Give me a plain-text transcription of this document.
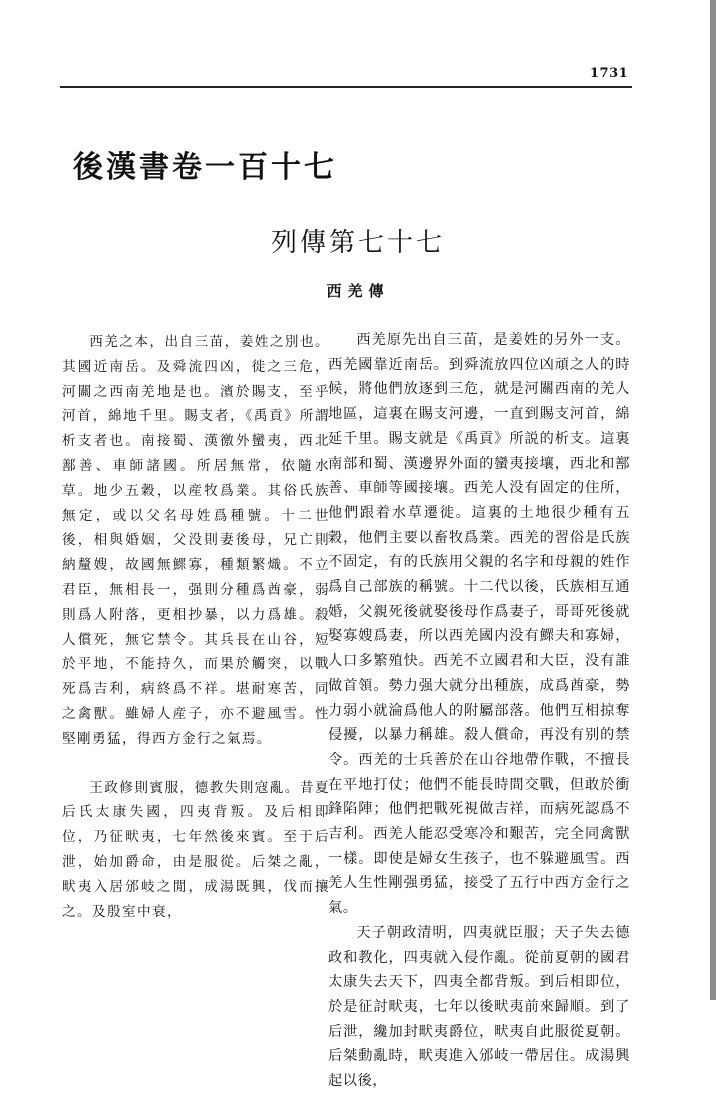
1731
後漢書卷一百十七
列傳第七十七
西羌傳

西羌之本，出自三苗，姜姓之別也。其國近南岳。及舜流四凶，徙之三危，河關之西南羌地是也。濱於賜支，至乎河首，綿地千里。賜支者，《禹貢》所謂析支者也。南接蜀、漢徼外蠻夷，西北鄯善、車師諸國。所居無常，依隨水草。地少五穀，以産牧爲業。其俗氏族無定，或以父名母姓爲種號。十二世後，相與婚姻，父没則妻後母，兄亡則納釐嫂，故國無鰥寡，種類繁熾。不立君臣，無相長一，强則分種爲酋豪，弱則爲人附落，更相抄暴，以力爲雄。殺人償死，無它禁令。其兵長在山谷，短於平地，不能持久，而果於觸突，以戰死爲吉利，病終爲不祥。堪耐寒苦，同之禽獸。雖婦人産子，亦不避風雪。性堅剛勇猛，得西方金行之氣焉。

王政修則賓服，德教失則寇亂。昔夏后氏太康失國，四夷背叛。及后相即位，乃征畎夷，七年然後來賓。至于后泄，始加爵命，由是服從。后桀之亂，畎夷入居邠岐之閒，成湯既興，伐而攘之。及殷室中衰，

西羌原先出自三苗，是姜姓的另外一支。西羌國靠近南岳。到舜流放四位凶頑之人的時候，將他們放逐到三危，就是河關西南的羌人地區，這裏在賜支河邊，一直到賜支河首，綿延千里。賜支就是《禹貢》所説的析支。這裏南部和蜀、漢邊界外面的蠻夷接壤，西北和鄯善、車師等國接壤。西羌人没有固定的住所，他們跟着水草遷徙。這裏的土地很少種有五穀，他們主要以畜牧爲業。西羌的習俗是氏族不固定，有的氏族用父親的名字和母親的姓作爲自己部族的稱號。十二代以後，氏族相互通婚，父親死後就娶後母作爲妻子，哥哥死後就娶寡嫂爲妻，所以西羌國内没有鰥夫和寡婦，人口多繁殖快。西羌不立國君和大臣，没有誰做首領。勢力强大就分出種族，成爲酋豪，勢力弱小就淪爲他人的附屬部落。他們互相掠奪侵擾，以暴力稱雄。殺人償命，再没有别的禁令。西羌的士兵善於在山谷地帶作戰，不擅長在平地打仗；他們不能長時間交戰，但敢於衝鋒陷陣；他們把戰死視做吉祥，而病死認爲不吉利。西羌人能忍受寒冷和艱苦，完全同禽獸一樣。即使是婦女生孩子，也不躲避風雪。西羌人生性剛强勇猛，接受了五行中西方金行之氣。

天子朝政清明，四夷就臣服；天子失去德政和教化，四夷就入侵作亂。從前夏朝的國君太康失去天下，四夷全都背叛。到后相即位，於是征討畎夷，七年以後畎夷前來歸順。到了后泄，纔加封畎夷爵位，畎夷自此服從夏朝。后桀動亂時，畎夷進入邠岐一帶居住。成湯興起以後，
